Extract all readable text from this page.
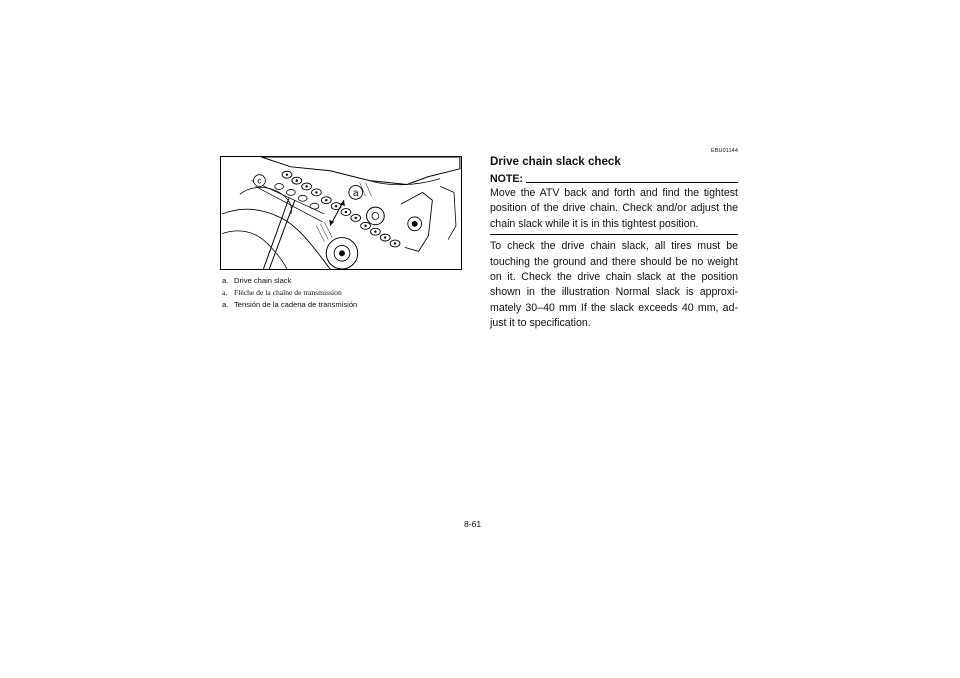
a
c
a. Drive chain slack
a. Flèche de la chaîne de transmission
a. Tensión de la cadena de transmisión

EBU01144

Drive chain slack check
NOTE:

Move the ATV back and forth and find the tightest position of the drive chain. Check and/or adjust the chain slack while it is in this tightest position.

To check the drive chain slack, all tires must be touching the ground and there should be no weight on it. Check the drive chain slack at the position shown in the illustration Normal slack is approxi-mately 30–40 mm If the slack exceeds 40 mm, ad-just it to specification.

8-61
